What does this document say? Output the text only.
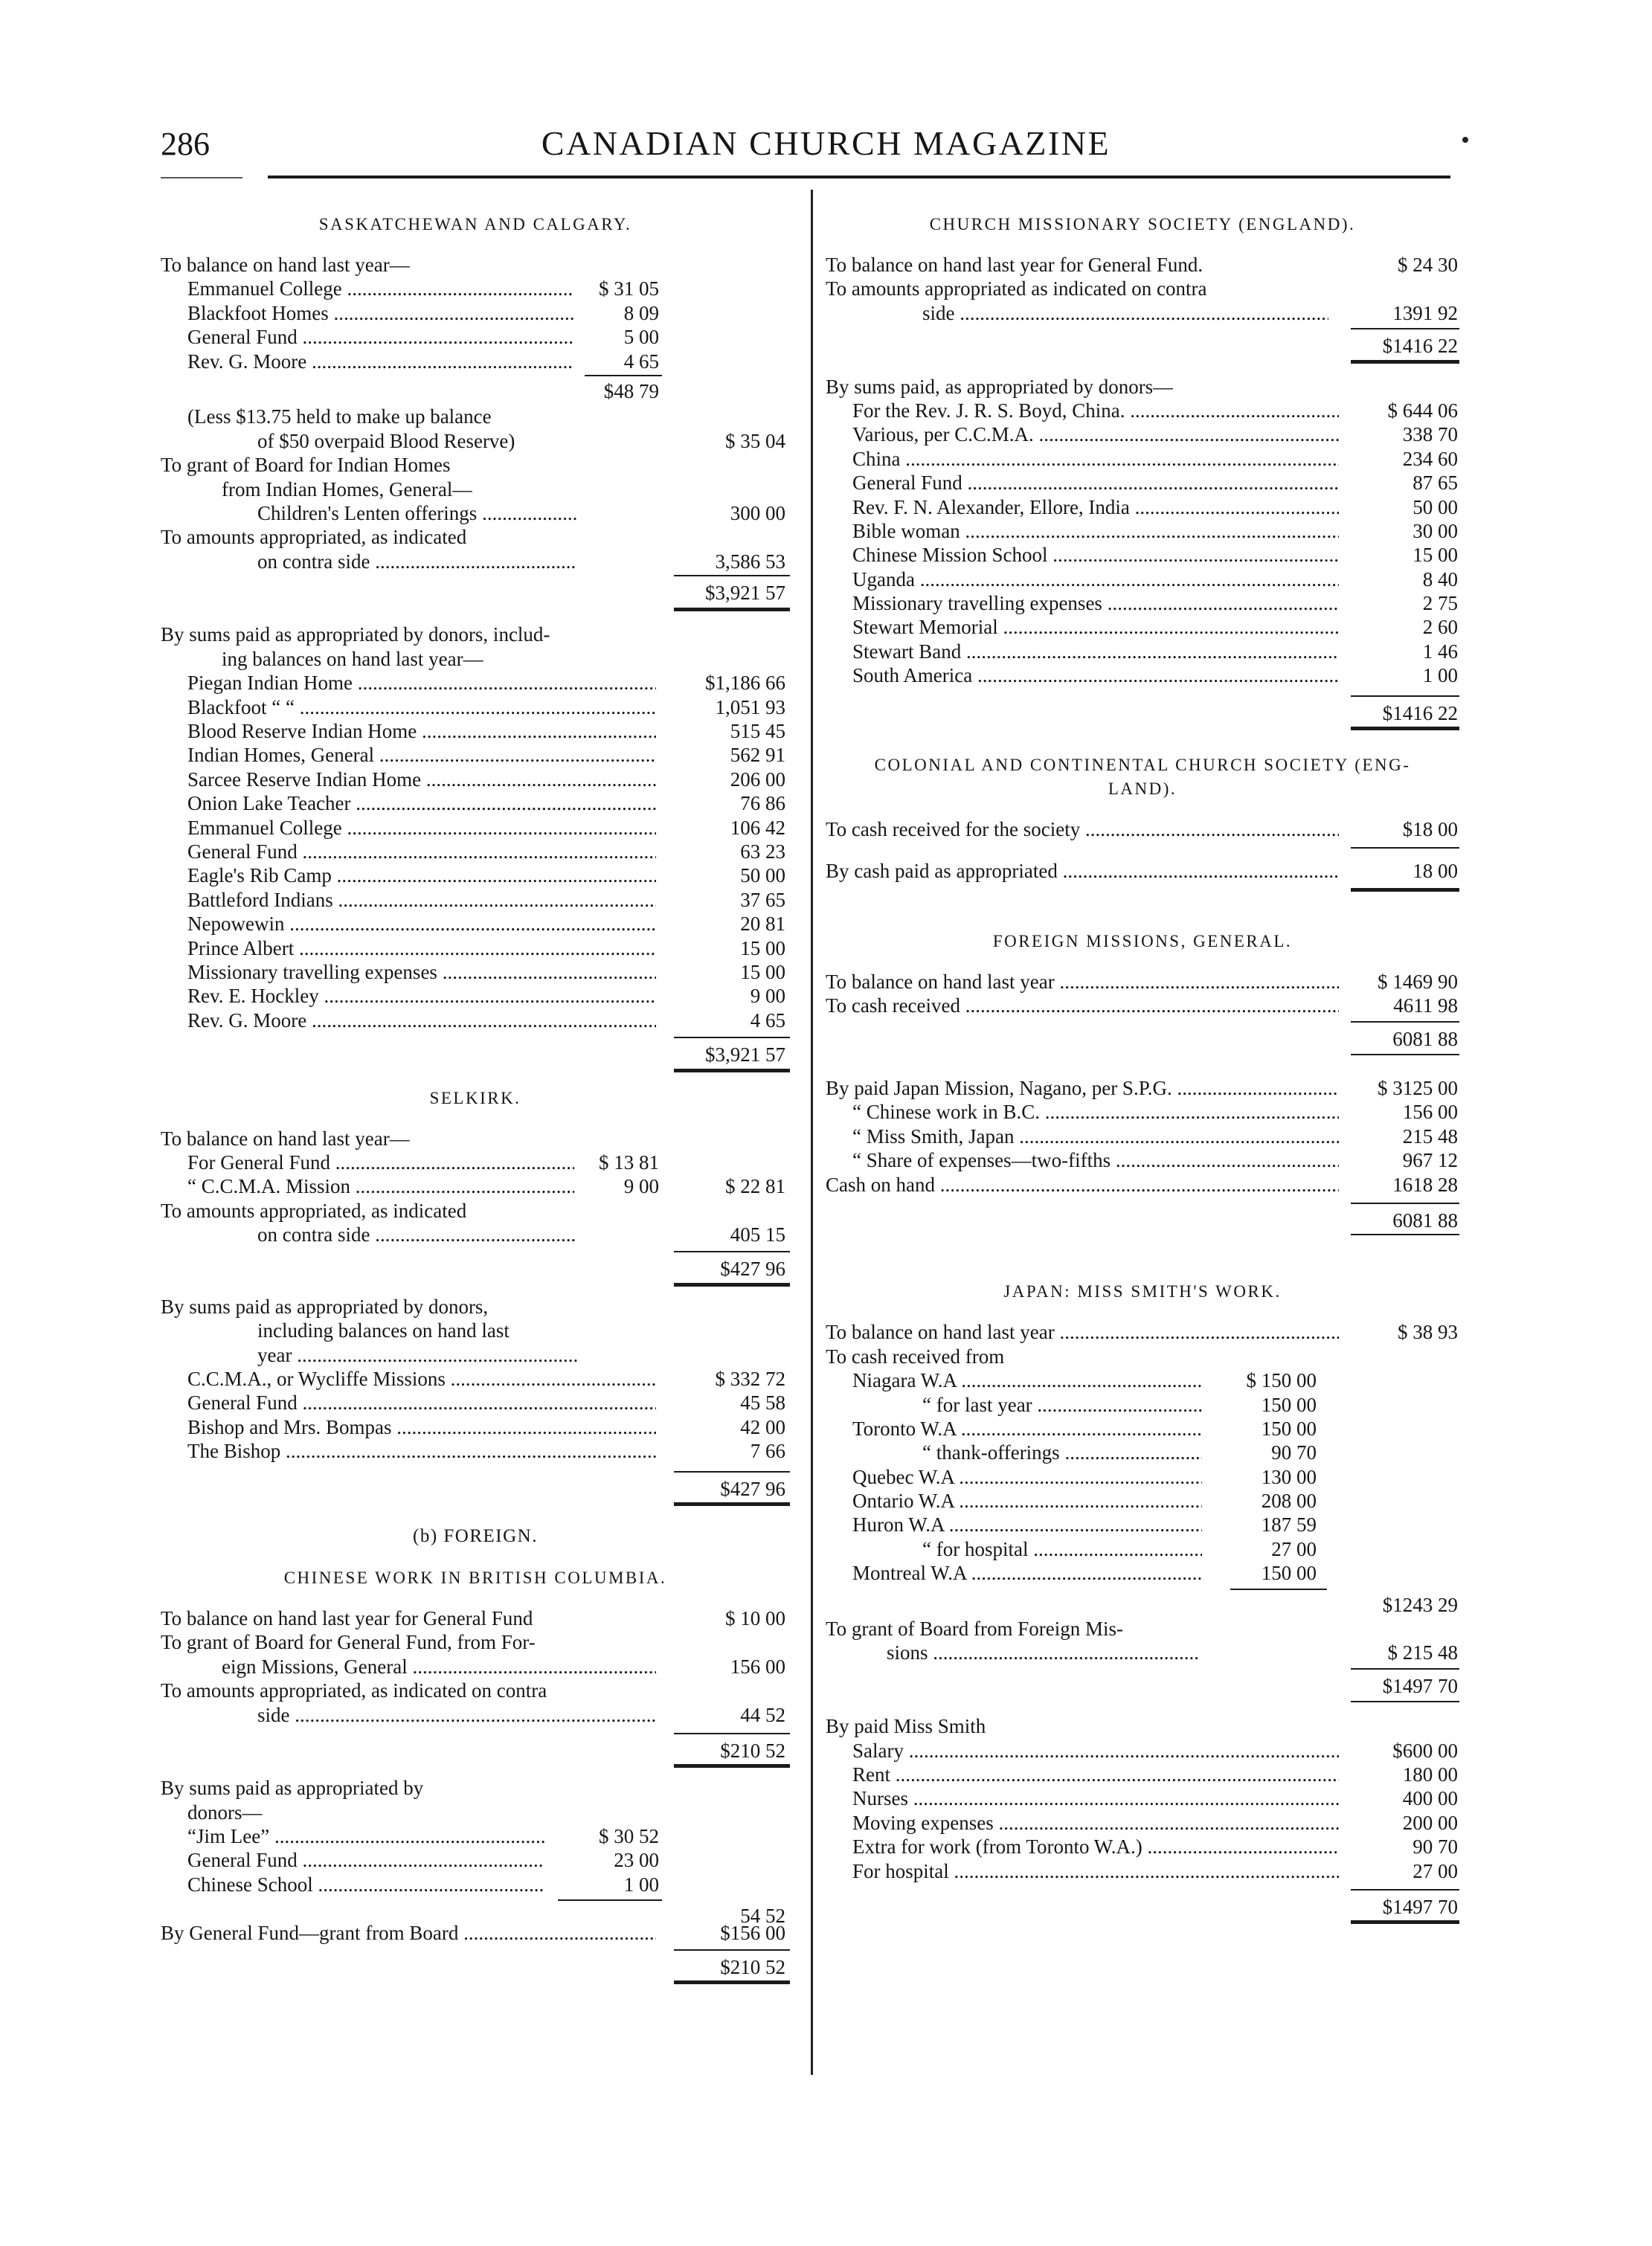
286	CANADIAN CHURCH MAGAZINE
SASKATCHEWAN AND CALGARY.
To balance on hand last year—
Emmanuel College .....	$ 31 05
Blackfoot Homes .....	8 09
General Fund .....	5 00
Rev. G. Moore .....	4 65
$48 79
(Less $13.75 held to make up balance
of $50 overpaid Blood Reserve)	$ 35 04
To grant of Board for Indian Homes
from Indian Homes, General—
Children's Lenten offerings .....	300 00
To amounts appropriated, as indicated
on contra side .....	3,586 53
$3,921 57
By sums paid as appropriated by donors, includ-
ing balances on hand last year—
Piegan Indian Home .....	$1,186 66
Blackfoot “ “ .....	1,051 93
Blood Reserve Indian Home .....	515 45
Indian Homes, General .....	562 91
Sarcee Reserve Indian Home .....	206 00
Onion Lake Teacher .....	76 86
Emmanuel College .....	106 42
General Fund .....	63 23
Eagle's Rib Camp .....	50 00
Battleford Indians .....	37 65
Nepowewin .....	20 81
Prince Albert .....	15 00
Missionary travelling expenses .....	15 00
Rev. E. Hockley .....	9 00
Rev. G. Moore .....	4 65
$3,921 57
SELKIRK.
To balance on hand last year—
For General Fund .....	$ 13 81
“ C.C.M.A. Mission .....	9 00	$ 22 81
To amounts appropriated, as indicated
on contra side .....	405 15
$427 96
By sums paid as appropriated by donors,
including balances on hand last
year .....
C.C.M.A., or Wycliffe Missions .....	$ 332 72
General Fund .....	45 58
Bishop and Mrs. Bompas .....	42 00
The Bishop .....	7 66
$427 96
(b) FOREIGN.
CHINESE WORK IN BRITISH COLUMBIA.
To balance on hand last year for General Fund	$ 10 00
To grant of Board for General Fund, from For-
eign Missions, General .....	156 00
To amounts appropriated, as indicated on contra
side .....	44 52
$210 52
By sums paid as appropriated by
donors—
“Jim Lee” .....	$ 30 52
General Fund .....	23 00
Chinese School .....	1 00
54 52
By General Fund—grant from Board .....	$156 00
$210 52
CHURCH MISSIONARY SOCIETY (ENGLAND).
To balance on hand last year for General Fund.	$ 24 30
To amounts appropriated as indicated on contra
side .....	1391 92
$1416 22
By sums paid, as appropriated by donors—
For the Rev. J. R. S. Boyd, China. .....	$ 644 06
Various, per C.C.M.A. .....	338 70
China .....	234 60
General Fund .....	87 65
Rev. F. N. Alexander, Ellore, India .....	50 00
Bible woman .....	30 00
Chinese Mission School .....	15 00
Uganda .....	8 40
Missionary travelling expenses .....	2 75
Stewart Memorial .....	2 60
Stewart Band .....	1 46
South America .....	1 00
$1416 22
COLONIAL AND CONTINENTAL CHURCH SOCIETY (ENG-
LAND).
To cash received for the society .....	$18 00
By cash paid as appropriated .....	18 00
FOREIGN MISSIONS, GENERAL.
To balance on hand last year .....	$ 1469 90
To cash received .....	4611 98
6081 88
By paid Japan Mission, Nagano, per S.P.G. .....	$ 3125 00
“ Chinese work in B.C. .....	156 00
“ Miss Smith, Japan .....	215 48
“ Share of expenses—two-fifths .....	967 12
Cash on hand .....	1618 28
6081 88
JAPAN: MISS SMITH'S WORK.
To balance on hand last year .....	$ 38 93
To cash received from
Niagara W.A .....	$ 150 00
“ for last year .....	150 00
Toronto W.A .....	150 00
“ thank-offerings .....	90 70
Quebec W.A .....	130 00
Ontario W.A .....	208 00
Huron W.A .....	187 59
“ for hospital .....	27 00
Montreal W.A .....	150 00
$1243 29
To grant of Board from Foreign Mis-
sions .....	$ 215 48
$1497 70
By paid Miss Smith
Salary .....	$600 00
Rent .....	180 00
Nurses .....	400 00
Moving expenses .....	200 00
Extra for work (from Toronto W.A.) .....	90 70
For hospital .....	27 00
$1497 70
